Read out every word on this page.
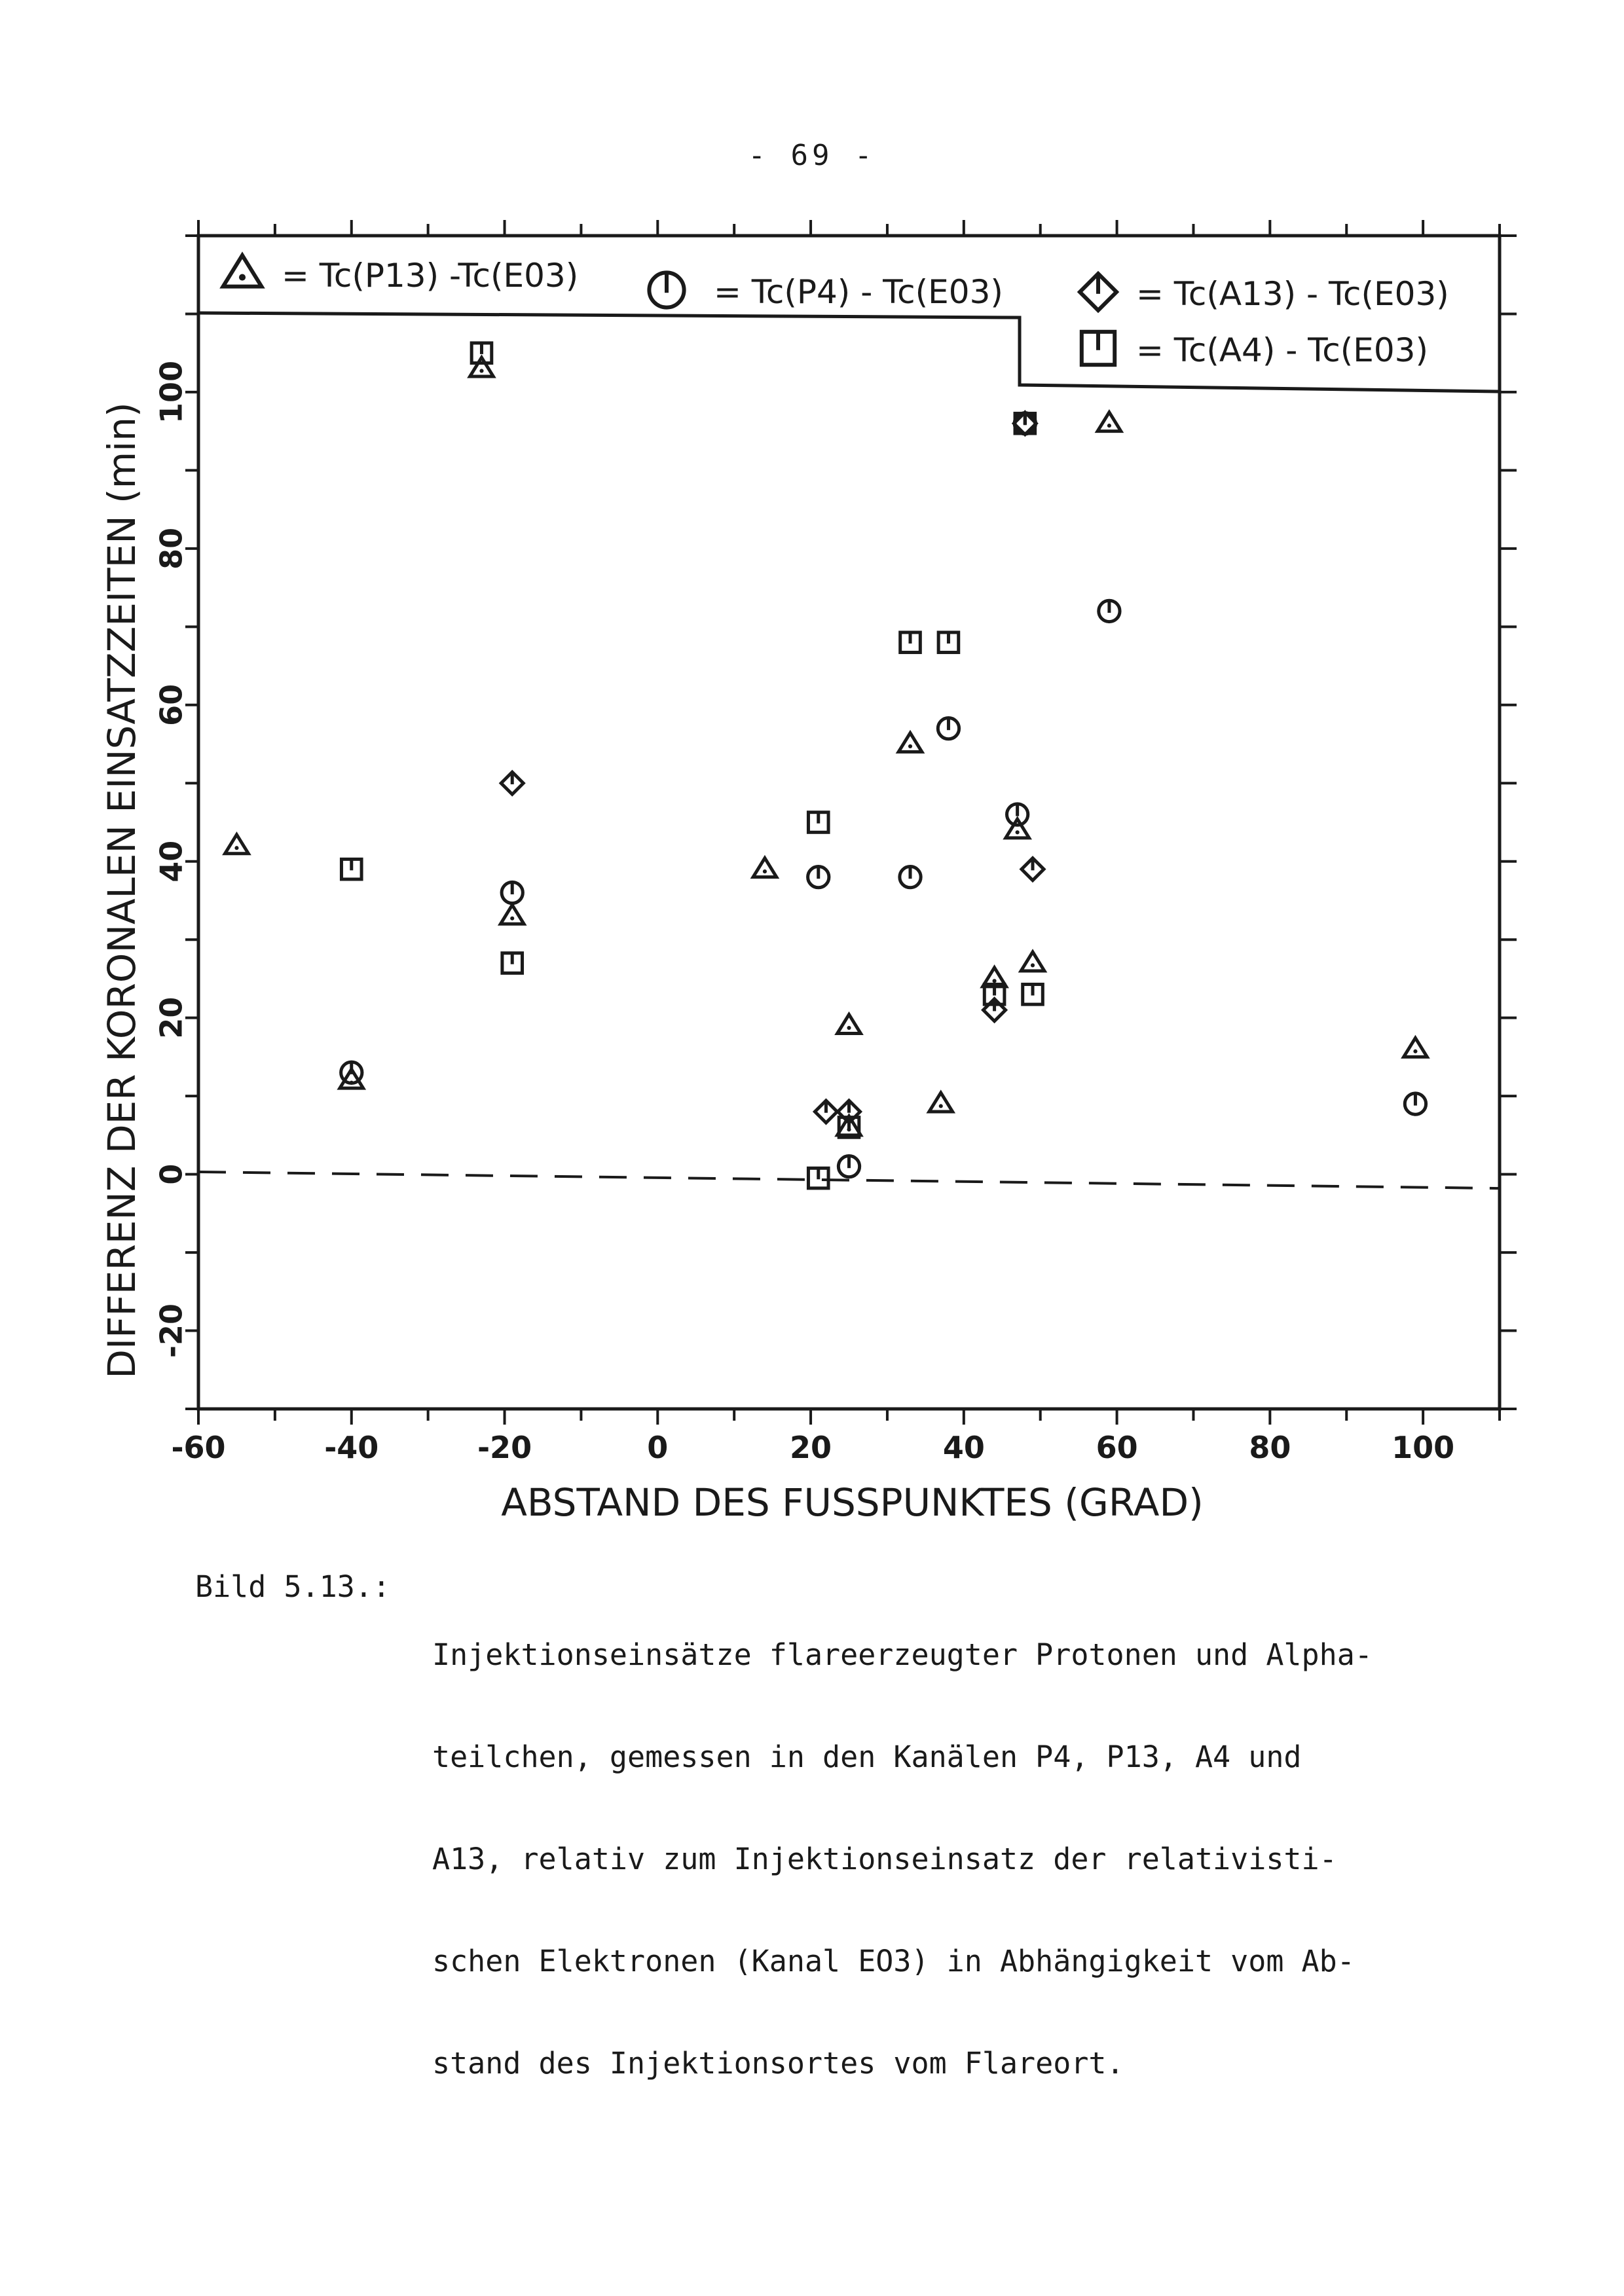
- 69 -
-60	-40	-20	0	20	40	60	80	100
-20
0
20
40
60
80
100
ABSTAND DES FUSSPUNKTES (GRAD)
DIFFERENZ DER KORONALEN EINSATZZEITEN (min)
= Tc(P13) -Tc(E03)	= Tc(P4) - Tc(E03)	= Tc(A13) - Tc(E03)
= Tc(A4) - Tc(E03)

Bild 5.13.:

Injektionseinsätze flareerzeugter Protonen und Alpha-

teilchen, gemessen in den Kanälen P4, P13, A4 und

A13, relativ zum Injektionseinsatz der relativisti-

schen Elektronen (Kanal EO3) in Abhängigkeit vom Ab-

stand des Injektionsortes vom Flareort.
